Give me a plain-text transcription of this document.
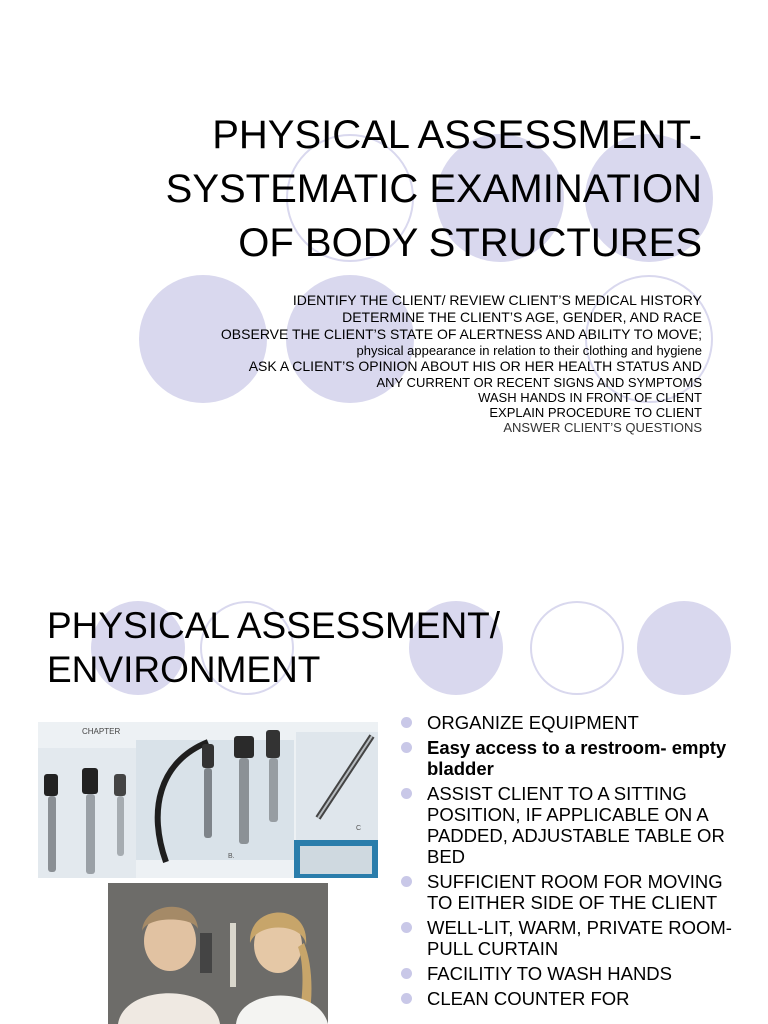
PHYSICAL ASSESSMENT-
SYSTEMATIC EXAMINATION
OF BODY STRUCTURES
IDENTIFY THE CLIENT/ REVIEW CLIENT’S MEDICAL HISTORY
DETERMINE THE CLIENT’S AGE, GENDER, AND RACE
OBSERVE THE CLIENT’S STATE OF ALERTNESS AND ABILITY TO MOVE;
physical appearance in relation to their clothing and hygiene
ASK A CLIENT’S OPINION ABOUT HIS OR HER HEALTH STATUS AND
ANY CURRENT OR RECENT SIGNS AND SYMPTOMS
WASH HANDS IN FRONT OF CLIENT
EXPLAIN PROCEDURE TO CLIENT
ANSWER CLIENT’S QUESTIONS
PHYSICAL ASSESSMENT/
ENVIRONMENT
CHAPTER
B.
C
ORGANIZE EQUIPMENT
Easy access to a restroom- empty bladder
ASSIST CLIENT TO A SITTING POSITION, IF APPLICABLE ON A PADDED, ADJUSTABLE TABLE OR BED
SUFFICIENT ROOM FOR MOVING TO EITHER SIDE OF THE CLIENT
WELL-LIT, WARM, PRIVATE ROOM-PULL CURTAIN
FACILITIY TO WASH HANDS
CLEAN COUNTER FOR
